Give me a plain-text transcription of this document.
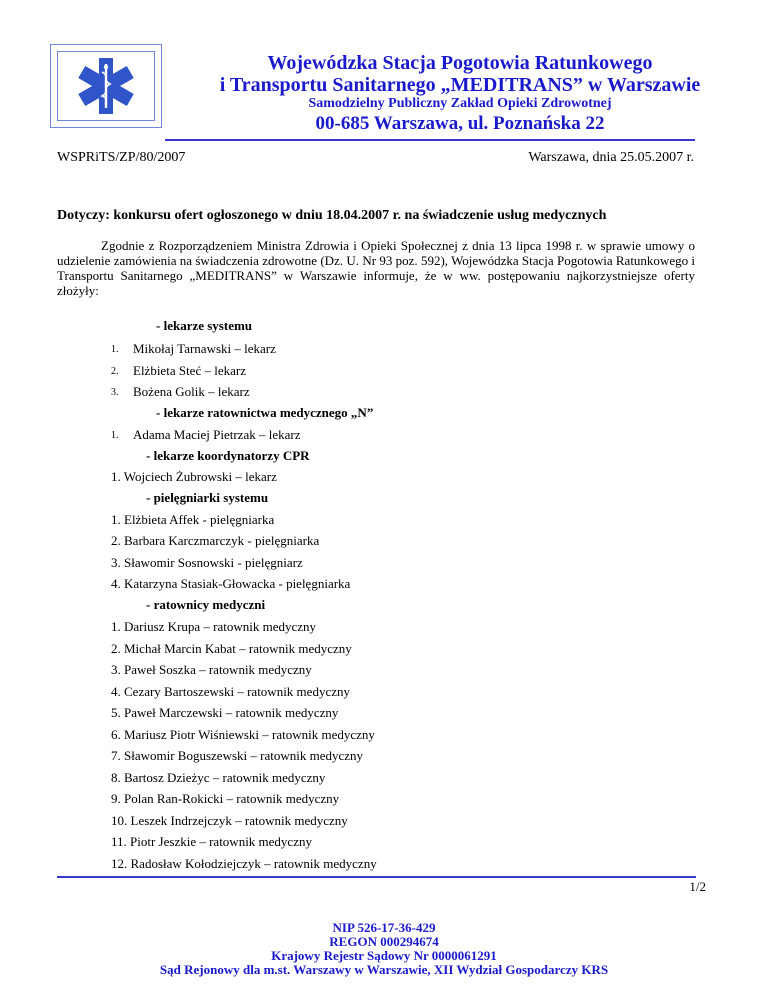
Wojewódzka Stacja Pogotowia Ratunkowego
i Transportu Sanitarnego „MEDITRANS” w Warszawie
Samodzielny Publiczny Zakład Opieki Zdrowotnej
00-685 Warszawa, ul. Poznańska 22
WSPRiTS/ZP/80/2007	Warszawa, dnia 25.05.2007 r.
Dotyczy: konkursu ofert ogłoszonego w dniu 18.04.2007 r. na świadczenie usług medycznych
Zgodnie z Rozporządzeniem Ministra Zdrowia i Opieki Społecznej z dnia 13 lipca 1998 r. w sprawie umowy o udzielenie zamówienia na świadczenia zdrowotne (Dz. U. Nr 93 poz. 592), Wojewódzka Stacja Pogotowia Ratunkowego i Transportu Sanitarnego „MEDITRANS” w Warszawie informuje, że w ww. postępowaniu najkorzystniejsze oferty złożyły:
- lekarze systemu
1. Mikołaj Tarnawski – lekarz
2. Elżbieta Steć – lekarz
3. Bożena Golik – lekarz
- lekarze ratownictwa medycznego „N”
1. Adama Maciej Pietrzak – lekarz
- lekarze koordynatorzy CPR
1. Wojciech Żubrowski – lekarz
- pielęgniarki systemu
1. Elżbieta Affek - pielęgniarka
2. Barbara Karczmarczyk - pielęgniarka
3. Sławomir Sosnowski - pielęgniarz
4. Katarzyna Stasiak-Głowacka - pielęgniarka
- ratownicy medyczni
1. Dariusz Krupa – ratownik medyczny
2. Michał Marcin Kabat – ratownik medyczny
3. Paweł Soszka – ratownik medyczny
4. Cezary Bartoszewski – ratownik medyczny
5. Paweł Marczewski – ratownik medyczny
6. Mariusz Piotr Wiśniewski – ratownik medyczny
7. Sławomir Boguszewski – ratownik medyczny
8. Bartosz Dzieżyc – ratownik medyczny
9. Polan Ran-Rokicki – ratownik medyczny
10. Leszek Indrzejczyk – ratownik medyczny
11. Piotr Jeszkie – ratownik medyczny
12. Radosław Kołodziejczyk – ratownik medyczny
1/2
NIP 526-17-36-429
REGON 000294674
Krajowy Rejestr Sądowy Nr 0000061291
Sąd Rejonowy dla m.st. Warszawy w Warszawie, XII Wydział Gospodarczy KRS
